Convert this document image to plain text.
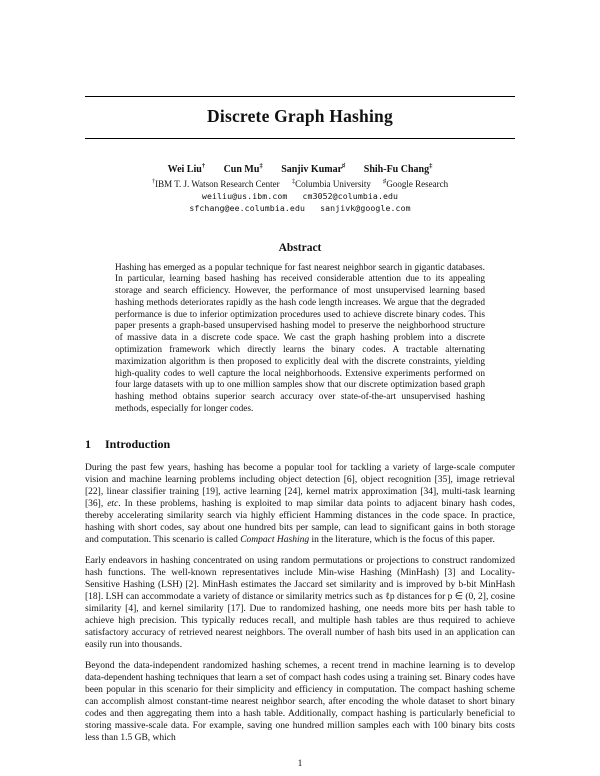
Discrete Graph Hashing
Wei Liu† Cun Mu‡ Sanjiv Kumar♯ Shih-Fu Chang‡
†IBM T. J. Watson Research Center ‡Columbia University ♯Google Research
weiliu@us.ibm.com   cm3052@columbia.edu
sfchang@ee.columbia.edu   sanjivk@google.com
Abstract

Hashing has emerged as a popular technique for fast nearest neighbor search in gigantic databases. In particular, learning based hashing has received considerable attention due to its appealing storage and search efficiency. However, the performance of most unsupervised learning based hashing methods deteriorates rapidly as the hash code length increases. We argue that the degraded performance is due to inferior optimization procedures used to achieve discrete binary codes. This paper presents a graph-based unsupervised hashing model to preserve the neighborhood structure of massive data in a discrete code space. We cast the graph hashing problem into a discrete optimization framework which directly learns the binary codes. A tractable alternating maximization algorithm is then proposed to explicitly deal with the discrete constraints, yielding high-quality codes to well capture the local neighborhoods. Extensive experiments performed on four large datasets with up to one million samples show that our discrete optimization based graph hashing method obtains superior search accuracy over state-of-the-art unsupervised hashing methods, especially for longer codes.

1 Introduction

During the past few years, hashing has become a popular tool for tackling a variety of large-scale computer vision and machine learning problems including object detection [6], object recognition [35], image retrieval [22], linear classifier training [19], active learning [24], kernel matrix approximation [34], multi-task learning [36], etc. In these problems, hashing is exploited to map similar data points to adjacent binary hash codes, thereby accelerating similarity search via highly efficient Hamming distances in the code space. In practice, hashing with short codes, say about one hundred bits per sample, can lead to significant gains in both storage and computation. This scenario is called Compact Hashing in the literature, which is the focus of this paper.

Early endeavors in hashing concentrated on using random permutations or projections to construct randomized hash functions. The well-known representatives include Min-wise Hashing (MinHash) [3] and Locality-Sensitive Hashing (LSH) [2]. MinHash estimates the Jaccard set similarity and is improved by b-bit MinHash [18]. LSH can accommodate a variety of distance or similarity metrics such as ℓp distances for p ∈ (0, 2], cosine similarity [4], and kernel similarity [17]. Due to randomized hashing, one needs more bits per hash table to achieve high precision. This typically reduces recall, and multiple hash tables are thus required to achieve satisfactory accuracy of retrieved nearest neighbors. The overall number of hash bits used in an application can easily run into thousands.

Beyond the data-independent randomized hashing schemes, a recent trend in machine learning is to develop data-dependent hashing techniques that learn a set of compact hash codes using a training set. Binary codes have been popular in this scenario for their simplicity and efficiency in computation. The compact hashing scheme can accomplish almost constant-time nearest neighbor search, after encoding the whole dataset to short binary codes and then aggregating them into a hash table. Additionally, compact hashing is particularly beneficial to storing massive-scale data. For example, saving one hundred million samples each with 100 binary bits costs less than 1.5 GB, which

1
